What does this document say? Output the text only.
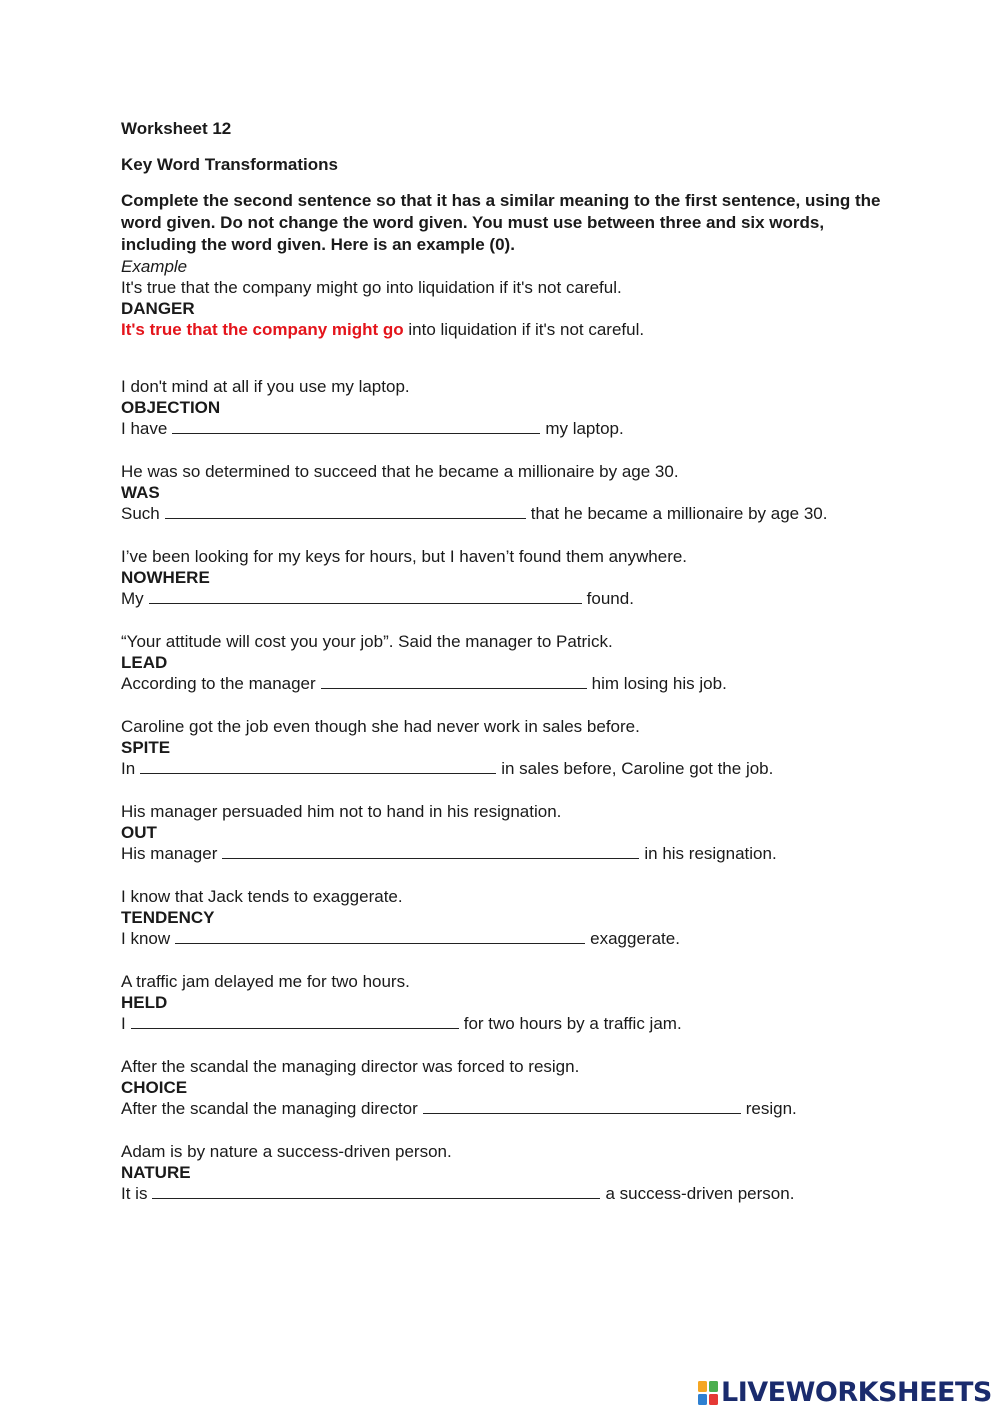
Worksheet 12
Key Word Transformations
Complete the second sentence so that it has a similar meaning to the first sentence, using the word given. Do not change the word given. You must use between three and six words, including the word given. Here is an example (0).
Example
It's true that the company might go into liquidation if it's not careful.
DANGER
It's true that the company might go into liquidation if it's not careful.
I don't mind at all if you use my laptop.
OBJECTION
I have	my laptop.
He was so determined to succeed that he became a millionaire by age 30.
WAS
Such	that he became a millionaire by age 30.
I’ve been looking for my keys for hours, but I haven’t found them anywhere.
NOWHERE
My	found.
“Your attitude will cost you your job”. Said the manager to Patrick.
LEAD
According to the manager	him losing his job.
Caroline got the job even though she had never work in sales before.
SPITE
In	in sales before, Caroline got the job.
His manager persuaded him not to hand in his resignation.
OUT
His manager	in his resignation.
I know that Jack tends to exaggerate.
TENDENCY
I know	exaggerate.
A traffic jam delayed me for two hours.
HELD
I	for two hours by a traffic jam.
After the scandal the managing director was forced to resign.
CHOICE
After the scandal the managing director	resign.
Adam is by nature a success-driven person.
NATURE
It is	a success-driven person.
LIVEWORKSHEETS
